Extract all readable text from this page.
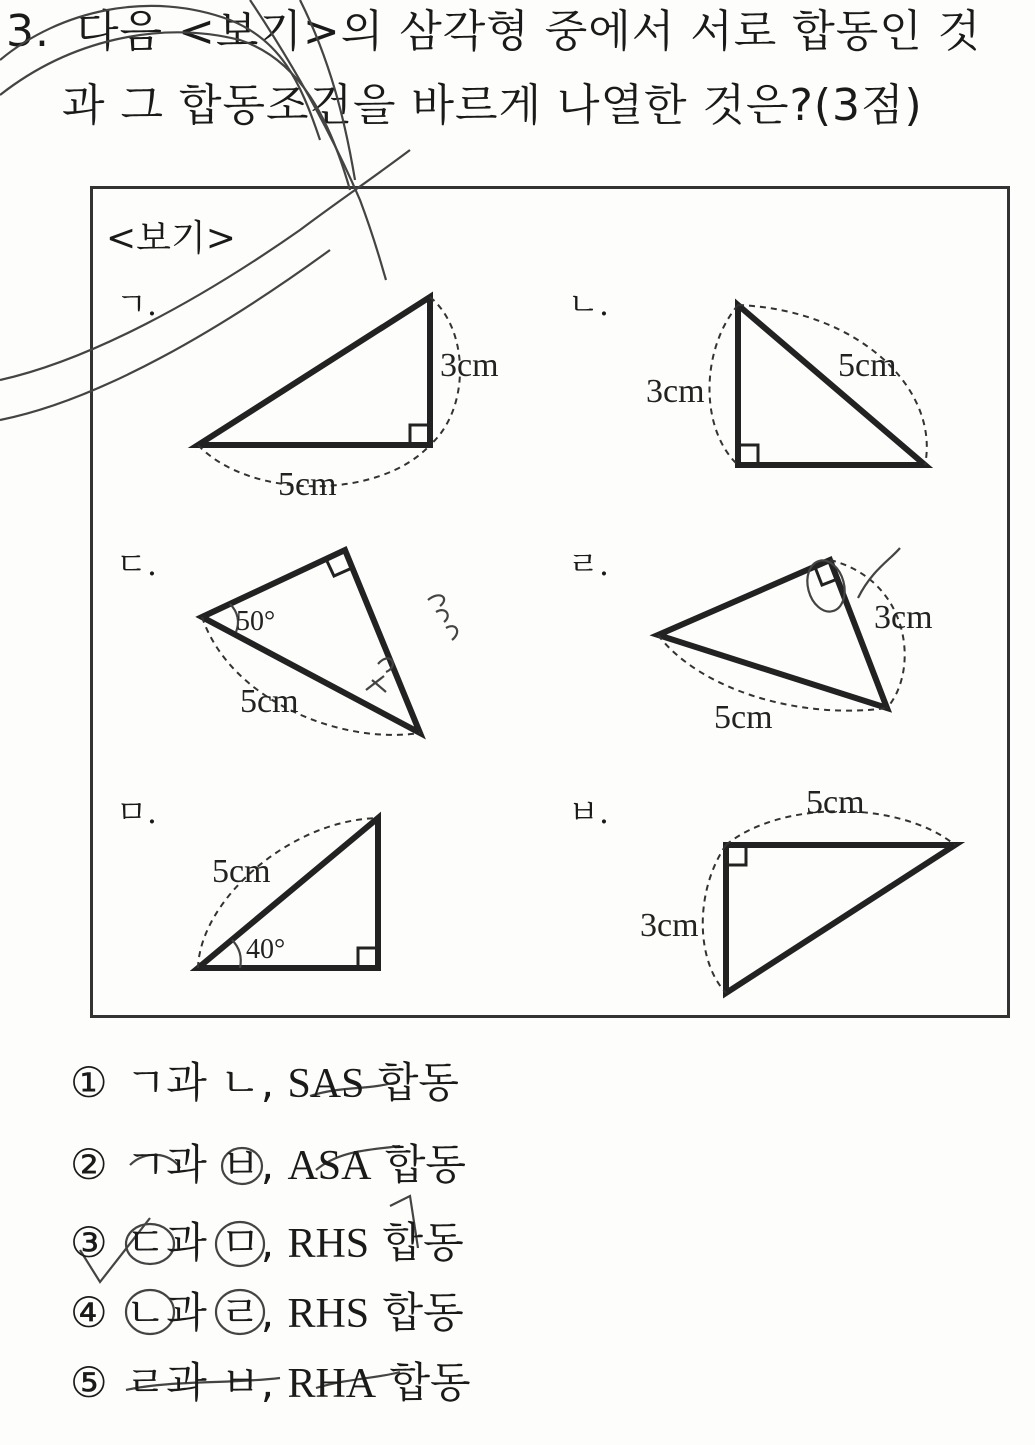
3. 다음 <보기>의 삼각형 중에서 서로 합동인 것
과 그 합동조건을 바르게 나열한 것은?(3점)
<보기>
ㄱ.	ㄴ.
ㄷ.	ㄹ.
ㅁ.	ㅂ.
3cm
5cm
3cm
5cm
50°
5cm
3cm
5cm
5cm
40°
5cm
3cm
① ㄱ과 ㄴ, SAS 합동
② ㄱ과 ㅂ, ASA 합동
③ ㄷ과 ㅁ, RHS 합동
④ ㄴ과 ㄹ, RHS 합동
⑤ ㄹ과 ㅂ, RHA 합동
